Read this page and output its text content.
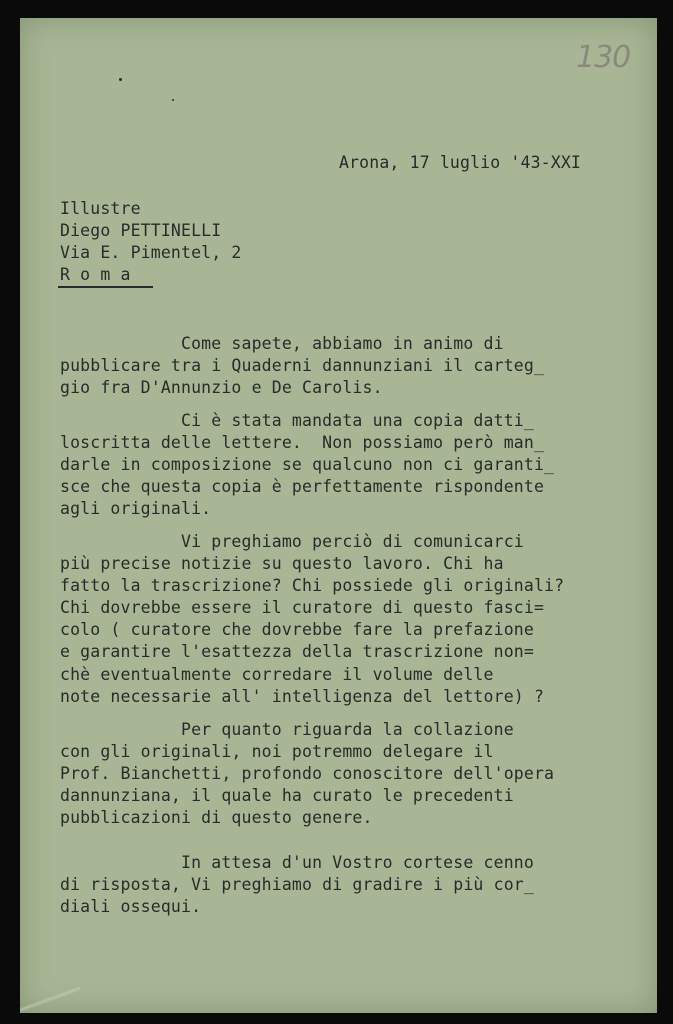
130
Arona, 17 luglio '43-XXI
Illustre
Diego PETTINELLI
Via E. Pimentel, 2
R o m a
Come sapete, abbiamo in animo di
pubblicare tra i Quaderni dannunziani il carteg_
gio fra D'Annunzio e De Carolis.
Ci è stata mandata una copia datti_
loscritta delle lettere.  Non possiamo però man_
darle in composizione se qualcuno non ci garanti_
sce che questa copia è perfettamente rispondente
agli originali.
Vi preghiamo perciò di comunicarci
più precise notizie su questo lavoro. Chi ha
fatto la trascrizione? Chi possiede gli originali?
Chi dovrebbe essere il curatore di questo fasci=
colo ( curatore che dovrebbe fare la prefazione
e garantire l'esattezza della trascrizione non=
chè eventualmente corredare il volume delle
note necessarie all' intelligenza del lettore) ?
Per quanto riguarda la collazione
con gli originali, noi potremmo delegare il
Prof. Bianchetti, profondo conoscitore dell'opera
dannunziana, il quale ha curato le precedenti
pubblicazioni di questo genere.
In attesa d'un Vostro cortese cenno
di risposta, Vi preghiamo di gradire i più cor_
diali ossequi.
